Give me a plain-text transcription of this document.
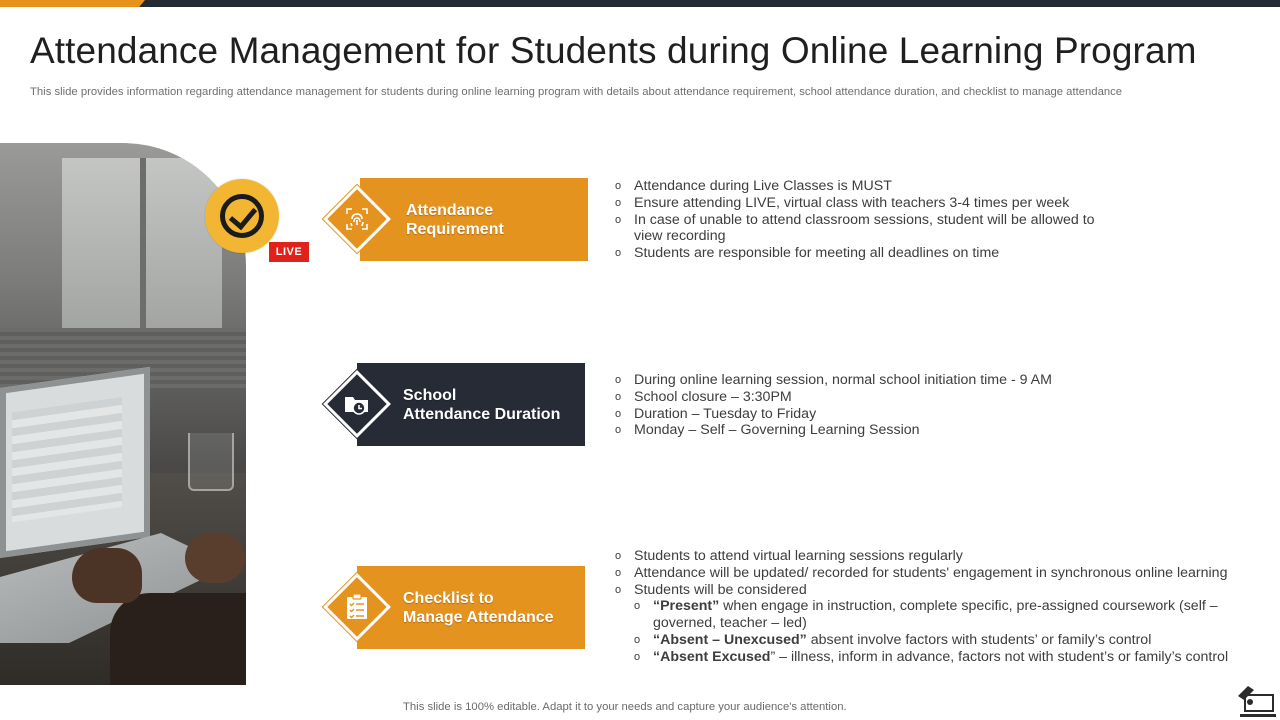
Attendance Management for Students during Online Learning Program
This slide provides information regarding attendance management for students during online learning program with details about attendance requirement, school attendance duration, and checklist to manage attendance
LIVE
Attendance
Requirement
o Attendance during Live Classes is MUST
o Ensure attending LIVE, virtual class with teachers 3-4 times per week
o In case of unable to attend classroom sessions, student will be allowed to
view recording
o Students are responsible for meeting all deadlines on time
School
Attendance Duration
o During online learning session, normal school initiation time - 9 AM
o School closure – 3:30PM
o Duration – Tuesday to Friday
o Monday – Self – Governing Learning Session
Checklist to
Manage Attendance
o Students to attend virtual learning sessions regularly
o Attendance will be updated/ recorded for students' engagement in synchronous online learning
o Students will be considered
o “Present” when engage in instruction, complete specific, pre-assigned coursework (self –
governed, teacher – led)
o “Absent – Unexcused” absent involve factors with students’ or family’s control
o “Absent Excused” – illness, inform in advance, factors not with student’s or family’s control
This slide is 100% editable. Adapt it to your needs and capture your audience's attention.
